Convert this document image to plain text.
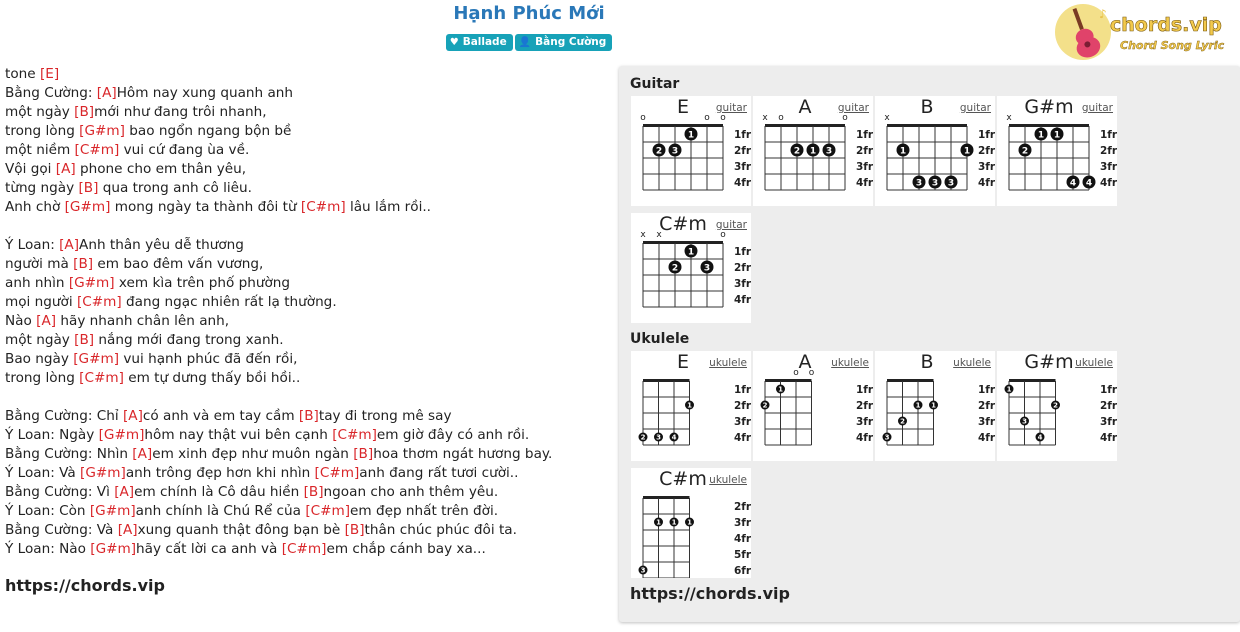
Hạnh Phúc Mới
♥ Ballade 👤 Bằng Cường
♪ chords.vip
Chord Song Lyric
tone [E]
Bằng Cường: [A]Hôm nay xung quanh anh
một ngày [B]mới như đang trôi nhanh,
trong lòng [G#m] bao ngổn ngang bộn bề
một niềm [C#m] vui cứ đang ùa về.
Vội gọi [A] phone cho em thân yêu,
từng ngày [B] qua trong anh cô liêu.
Anh chờ [G#m] mong ngày ta thành đôi từ [C#m] lâu lắm rồi..
Ý Loan: [A]Anh thân yêu dễ thương
người mà [B] em bao đêm vấn vương,
anh nhìn [G#m] xem kìa trên phố phường
mọi người [C#m] đang ngạc nhiên rất lạ thường.
Nào [A] hãy nhanh chân lên anh,
một ngày [B] nắng mới đang trong xanh.
Bao ngày [G#m] vui hạnh phúc đã đến rồi,
trong lòng [C#m] em tự dưng thấy bồi hồi..
Bằng Cường: Chỉ [A]có anh và em tay cầm [B]tay đi trong mê say
Ý Loan: Ngày [G#m]hôm nay thật vui bên cạnh [C#m]em giờ đây có anh rồi.
Bằng Cường: Nhìn [A]em xinh đẹp như muôn ngàn [B]hoa thơm ngát hương bay.
Ý Loan: Và [G#m]anh trông đẹp hơn khi nhìn [C#m]anh đang rất tươi cười..
Bằng Cường: Vì [A]em chính là Cô dâu hiền [B]ngoan cho anh thêm yêu.
Ý Loan: Còn [G#m]anh chính là Chú Rể của [C#m]em đẹp nhất trên đời.
Bằng Cường: Và [A]xung quanh thật đông bạn bè [B]thân chúc phúc đôi ta.
Ý Loan: Nào [G#m]hãy cất lời ca anh và [C#m]em chắp cánh bay xa...
https://chords.vip
Guitar
Ukulele
https://chords.vip
1fr
2fr
3fr
4fr
o	o o
1
2 3
E	guitar
1fr
2fr
3fr
4fr
x o	o
2 1 3
A	guitar
1fr
2fr
3fr
4fr
x
1	1
3 3 3
B	guitar
1fr
2fr
3fr
4fr
x
1 1
2
4 4
G#m guitar
1fr
2fr
3fr
4fr
x x	o
1
2	3
C#m guitar
1fr
2fr
3fr
4fr
1
2 3 4
E	ukulele
1fr
2fr
3fr
4fr
o o
1
2
A	ukulele
1fr
2fr
3fr
4fr
1 1
2
3
B	ukulele
1fr
2fr
3fr
4fr
1
2
3
4
G#m ukulele
2fr
3fr
4fr
5fr
6fr
1 1 1
3
C#m ukulele
